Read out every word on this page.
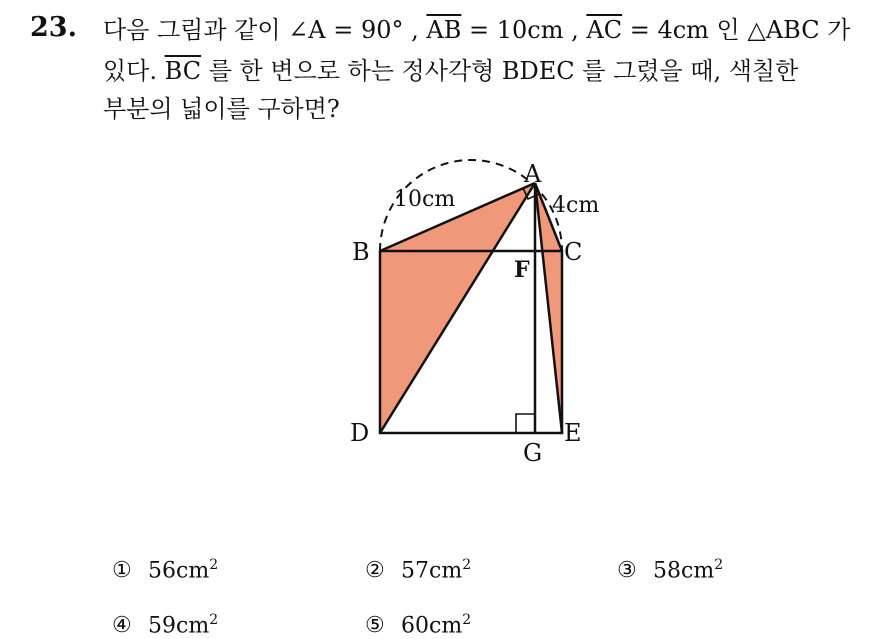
23. 다음 그림과 같이 ∠A = 90° , $\overline{AB} = 10cm$ , $\overline{AC} = 4cm$ 인 △ABC 가
있다. $\overline{BC}$ 를 한 변으로 하는 정사각형 BDEC 를 그렸을 때, 색칠한
부분의 넓이를 구하면?
A
B	C
D	E
F
G
10cm	4cm
① $56cm^2$	② $57cm^2$	③ $58cm^2$
④ $59cm^2$	⑤ $60cm^2$
